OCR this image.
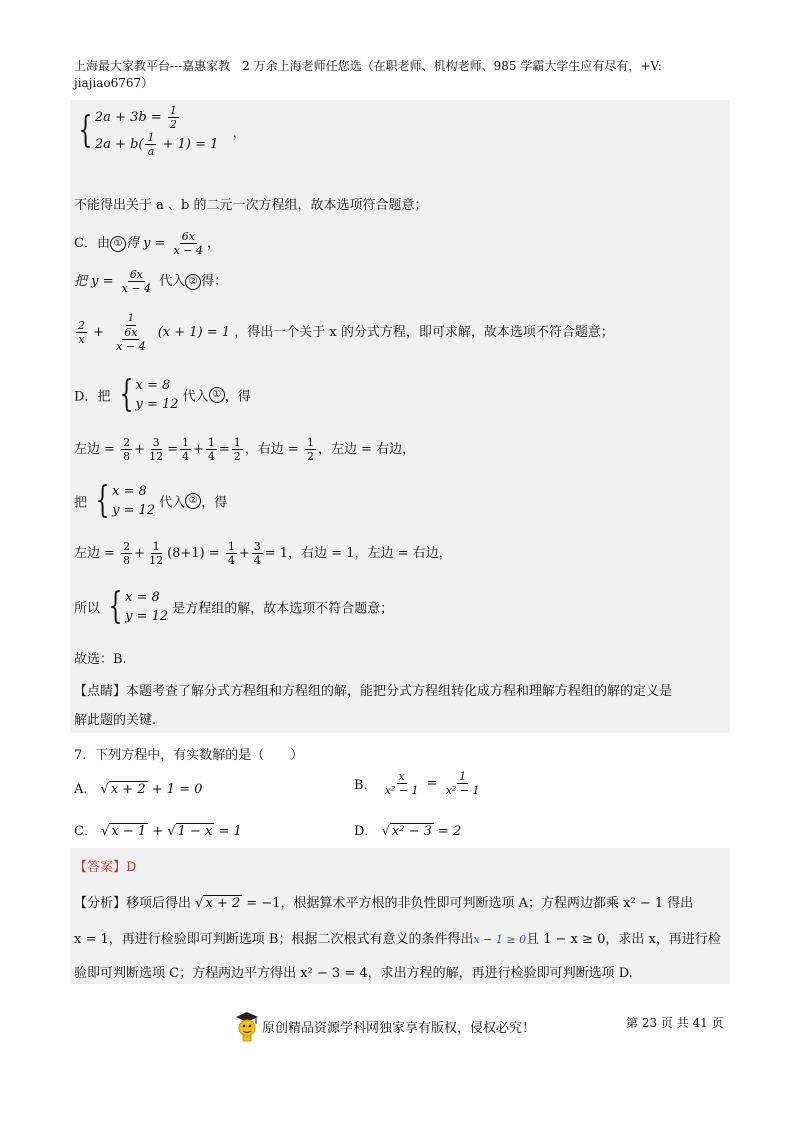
上海最大家教平台---嘉惠家教　2 万余上海老师任您选（在职老师、机构老师、985 学霸大学生应有尽有，+V:
jiajiao6767）
{ $2a + 3b = \frac{1}{2}$
$2a + b( \frac{1}{a} + 1) = 1$
，
不能得出关于 a 、b 的二元一次方程组，故本选项符合题意；
C．由 ① 得 $y = \frac{6x}{x - 4}$ ，
把 $y = \frac{6x}{x - 4}$ 代入 ② 得：
$\frac{2}{x} + \frac{1}{\frac{6x}{x - 4}} (x + 1) = 1$ ，得出一个关于 x 的分式方程，即可求解，故本选项不符合题意；
D．把 { x = 8
y = 12 代入 ① ，得
左边 = $\frac{2}{8} + \frac{3}{12} = \frac{1}{4} + \frac{1}{4} = \frac{1}{2}$ ，右边 = $\frac{1}{2}$ ，左边 = 右边，
把 { x = 8
y = 12 代入 ② ，得
左边 = $\frac{2}{8} + \frac{1}{12} (8+1) = \frac{1}{4} + \frac{3}{4} = 1$，右边 = 1，左边 = 右边，
所以 { x = 8
y = 12 是方程组的解，故本选项不符合题意；
故选：B.
【点睛】本题考查了解分式方程组和方程组的解，能把分式方程组转化成方程和理解方程组的解的定义是
解此题的关键.
7．下列方程中，有实数解的是（　　）
A． √ x + 2 + 1 = 0	B． $\frac{x}{\text{x² − 1}} = \frac{1}{\text{x² − 1}}$
C． √ x − 1 + √ 1 − x = 1	D． √ x² − 3 = 2
【答案】D
【分析】移项后得出 √ x + 2 = −1，根据算术平方根的非负性即可判断选项 A；方程两边都乘 x² − 1 得出
x = 1，再进行检验即可判断选项 B；根据二次根式有意义的条件得出x − 1 ≥ 0且 1 − x ≥ 0，求出 x，再进行检
验即可判断选项 C；方程两边平方得出 x² − 3 = 4，求出方程的解，再进行检验即可判断选项 D.
原创精品资源学科网独家享有版权，侵权必究！	第 23 页 共 41 页
